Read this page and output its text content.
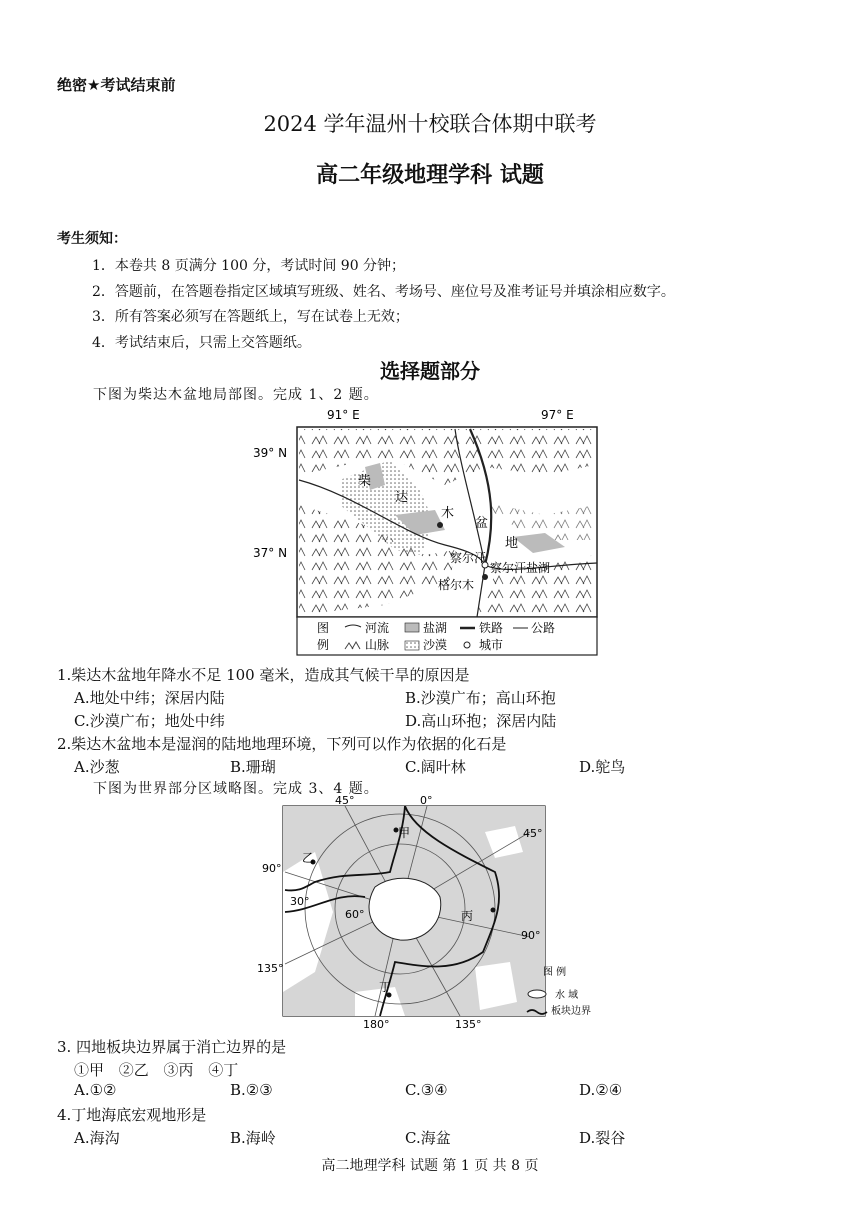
绝密★考试结束前
2024 学年温州十校联合体期中联考
高二年级地理学科 试题
考生须知：
1．本卷共 8 页满分 100 分，考试时间 90 分钟；
2．答题前，在答题卷指定区域填写班级、姓名、考场号、座位号及准考证号并填涂相应数字。
3．所有答案必须写在答题纸上，写在试卷上无效；
4．考试结束后，只需上交答题纸。
选择题部分
下图为柴达木盆地局部图。完成 1、2 题。
91° E	97° E
39° N
37° N
柴
达
木
盆
地
察尔汗
格尔木
察尔汗盐湖
图
例
河流	盐湖	铁路 公路
山脉	沙漠	城市
1.柴达木盆地年降水不足 100 毫米，造成其气候干旱的原因是
A.地处中纬；深居内陆	B.沙漠广布；高山环抱
C.沙漠广布；地处中纬	D.高山环抱；深居内陆
2.柴达木盆地本是湿润的陆地地理环境，下列可以作为依据的化石是
A.沙葱	B.珊瑚	C.阔叶林	D.鸵鸟
下图为世界部分区域略图。完成 3、4 题。
45°	0°
45°
90°
30°
60°
90°
135°
180°	135°
甲
乙
丙
丁
图 例
水 域
板块边界
3. 四地板块边界属于消亡边界的是
①甲 ②乙 ③丙 ④丁
A.①②	B.②③	C.③④	D.②④
4.丁地海底宏观地形是
A.海沟	B.海岭	C.海盆	D.裂谷
高二地理学科 试题 第 1 页 共 8 页
